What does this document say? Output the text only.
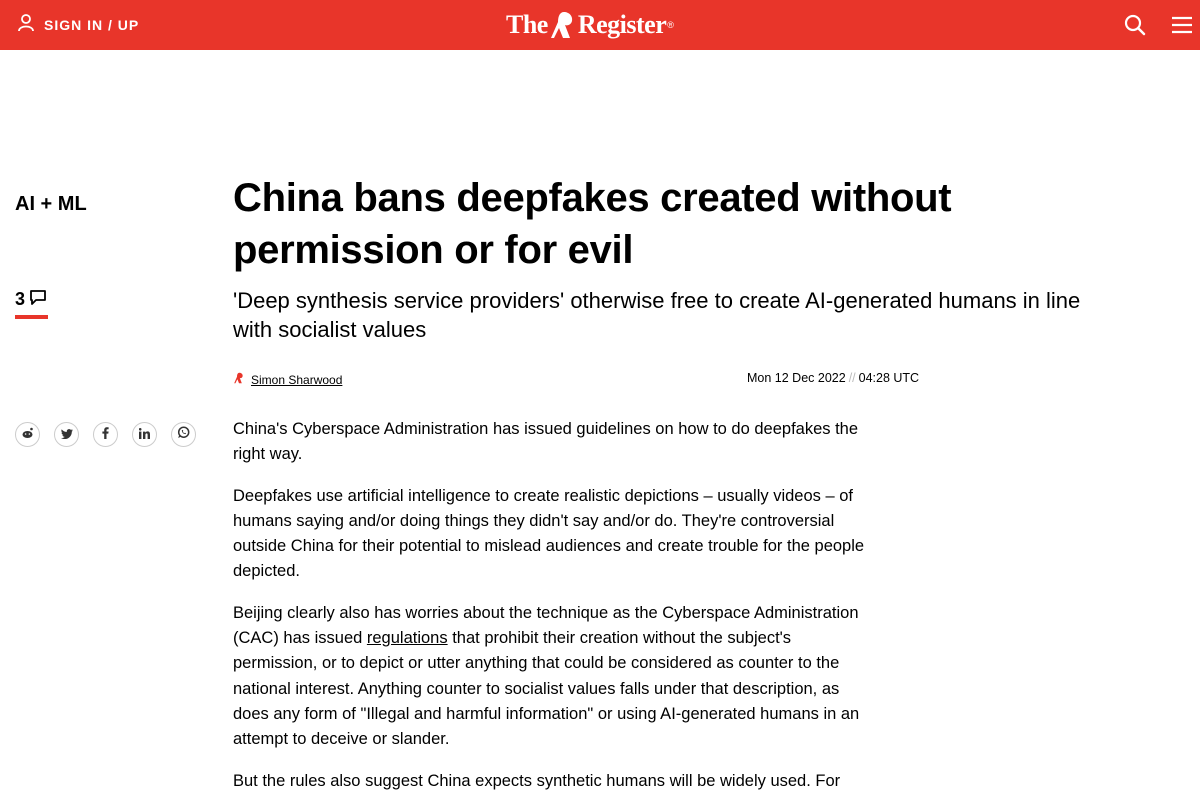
SIGN IN / UP	The Register ®
AI + ML
3
China bans deepfakes created without permission or for evil
'Deep synthesis service providers' otherwise free to create AI-generated humans in line with socialist values
Simon Sharwood	Mon 12 Dec 2022 // 04:28 UTC

China's Cyberspace Administration has issued guidelines on how to do deepfakes the right way.

Deepfakes use artificial intelligence to create realistic depictions – usually videos – of humans saying and/or doing things they didn't say and/or do. They're controversial outside China for their potential to mislead audiences and create trouble for the people depicted.

Beijing clearly also has worries about the technique as the Cyberspace Administration (CAC) has issued regulations that prohibit their creation without the subject's permission, or to depict or utter anything that could be considered as counter to the national interest. Anything counter to socialist values falls under that description, as does any form of "Illegal and harmful information" or using AI-generated humans in an attempt to deceive or slander.

But the rules also suggest China expects synthetic humans will be widely used. For
